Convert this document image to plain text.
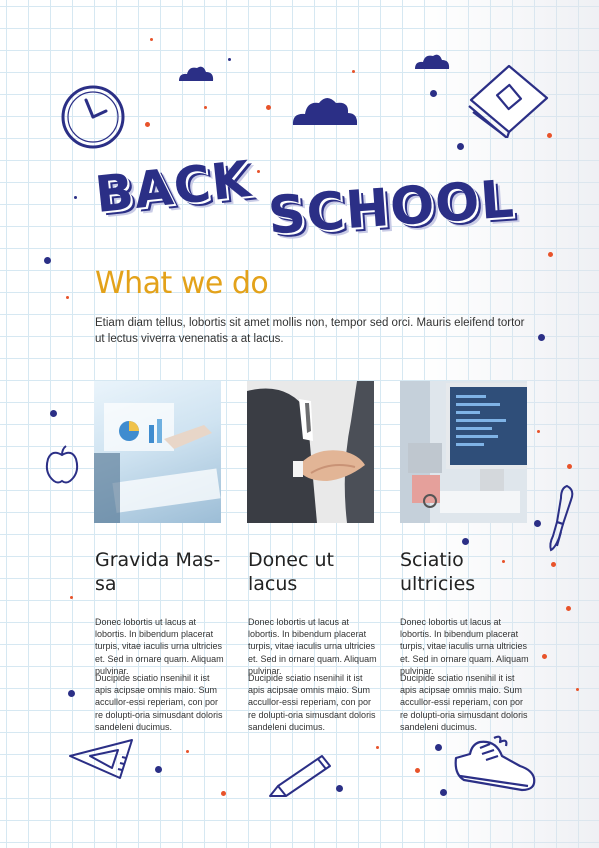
BACK SCHOOL
What we do

Etiam diam tellus, lobortis sit amet mollis non, tempor sed orci. Mauris eleifend tortor ut lectus viverra venenatis a at lacus.

Gravida Mas-
sa

Donec lobortis ut lacus at lobortis. In bibendum placerat turpis, vitae iaculis urna ultricies et. Sed in ornare quam. Aliquam pulvinar.

Ducipide sciatio nsenihil it ist apis acipsae omnis maio. Sum accullor-essi reperiam, con por re dolupti-oria simusdant doloris sandeleni ducimus.

Donec ut
lacus

Donec lobortis ut lacus at lobortis. In bibendum placerat turpis, vitae iaculis urna ultricies et. Sed in ornare quam. Aliquam pulvinar.

Ducipide sciatio nsenihil it ist apis acipsae omnis maio. Sum accullor-essi reperiam, con por re dolupti-oria simusdant doloris sandeleni ducimus.

Sciatio
ultricies

Donec lobortis ut lacus at lobortis. In bibendum placerat turpis, vitae iaculis urna ultricies et. Sed in ornare quam. Aliquam pulvinar.

Ducipide sciatio nsenihil it ist apis acipsae omnis maio. Sum accullor-essi reperiam, con por re dolupti-oria simusdant doloris sandeleni ducimus.
